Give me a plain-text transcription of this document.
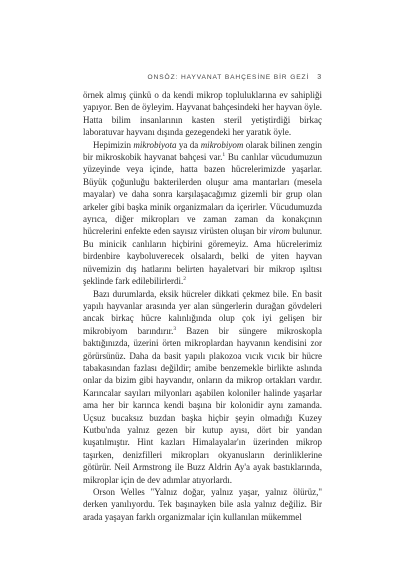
ONSÖZ: HAYVANAT BAHÇESİNE BİR GEZİ 3

örnek almış çünkü o da kendi mikrop topluluklarına ev sahipliği yapıyor. Ben de öyleyim. Hayvanat bahçesindeki her hayvan öyle. Hatta bilim insanlarının kasten steril yetiştirdiği birkaç laboratuvar hayvanı dışında gezegendeki her yaratık öyle.

Hepimizin mikrobiyota ya da mikrobiyom olarak bilinen zengin bir mikroskobik hayvanat bahçesi var.$^1$ Bu canlılar vücudumuzun yüzeyinde veya içinde, hatta bazen hücrelerimizde yaşarlar. Büyük çoğunluğu bakterilerden oluşur ama mantarları (mesela mayalar) ve daha sonra karşılaşacağımız gizemli bir grup olan arkeler gibi başka minik organizmaları da içerirler. Vücudumuzda ayrıca, diğer mikropları ve zaman zaman da konakçının hücrelerini enfekte eden sayısız virüsten oluşan bir virom bulunur. Bu minicik canlıların hiçbirini göremeyiz. Ama hücrelerimiz birdenbire kayboluverecek olsalardı, belki de yiten hayvan nüvemizin dış hatlarını belirten hayaletvari bir mikrop ışıltısı şeklinde fark edilebilirlerdi.$^2$

Bazı durumlarda, eksik hücreler dikkati çekmez bile. En basit yapılı hayvanlar arasında yer alan süngerlerin durağan gövdeleri ancak birkaç hücre kalınlığında olup çok iyi gelişen bir mikrobiyom barındırır.$^3$ Bazen bir süngere mikroskopla baktığınızda, üzerini örten mikroplardan hayvanın kendisini zor görürsünüz. Daha da basit yapılı plakozoa vıcık vıcık bir hücre tabakasından fazlası değildir; amibe benzemekle birlikte aslında onlar da bizim gibi hayvandır, onların da mikrop ortakları vardır. Karıncalar sayıları milyonları aşabilen koloniler halinde yaşarlar ama her bir karınca kendi başına bir kolonidir aynı zamanda. Uçsuz bucaksız buzdan başka hiçbir şeyin olmadığı Kuzey Kutbu'nda yalnız gezen bir kutup ayısı, dört bir yandan kuşatılmıştır. Hint kazları Himalayalar'ın üzerinden mikrop taşırken, denizfilleri mikropları okyanusların derinliklerine götürür. Neil Armstrong ile Buzz Aldrin Ay'a ayak bastıklarında, mikroplar için de dev adımlar atıyorlardı.

Orson Welles "Yalnız doğar, yalnız yaşar, yalnız ölürüz," derken yanılıyordu. Tek başınayken bile asla yalnız değiliz. Bir arada yaşayan farklı organizmalar için kullanılan mükemmel
